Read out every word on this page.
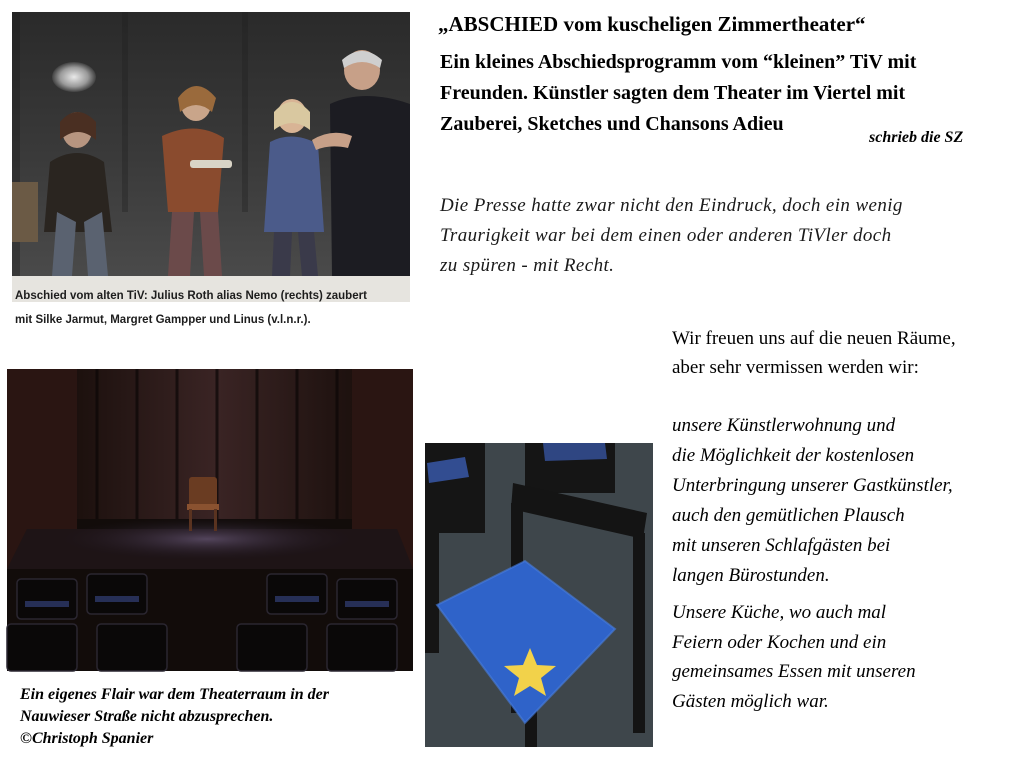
Abschied vom alten TiV: Julius Roth alias Nemo (rechts) zaubert

mit Silke Jarmut, Margret Gampper und Linus (v.l.n.r.).

„ABSCHIED vom kuscheligen Zimmertheater“
Ein kleines Abschiedsprogramm vom “kleinen” TiV mit
Freunden. Künstler sagten dem Theater im Viertel mit
Zauberei, Sketches und Chansons Adieu
schrieb die SZ
Die Presse hatte zwar nicht den Eindruck, doch ein wenig
Traurigkeit war bei dem einen oder anderen TiVler doch
zu spüren - mit Recht.
Wir freuen uns auf die neuen Räume,
aber sehr vermissen werden wir:
unsere Künstlerwohnung und
die Möglichkeit der kostenlosen
Unterbringung unserer Gastkünstler,
auch den gemütlichen Plausch
mit unseren Schlafgästen bei
langen Bürostunden.
Unsere Küche, wo auch mal
Feiern oder Kochen und ein
gemeinsames Essen mit unseren
Gästen möglich war.
Ein eigenes Flair war dem Theaterraum in der
Nauwieser Straße nicht abzusprechen.
©Christoph Spanier
